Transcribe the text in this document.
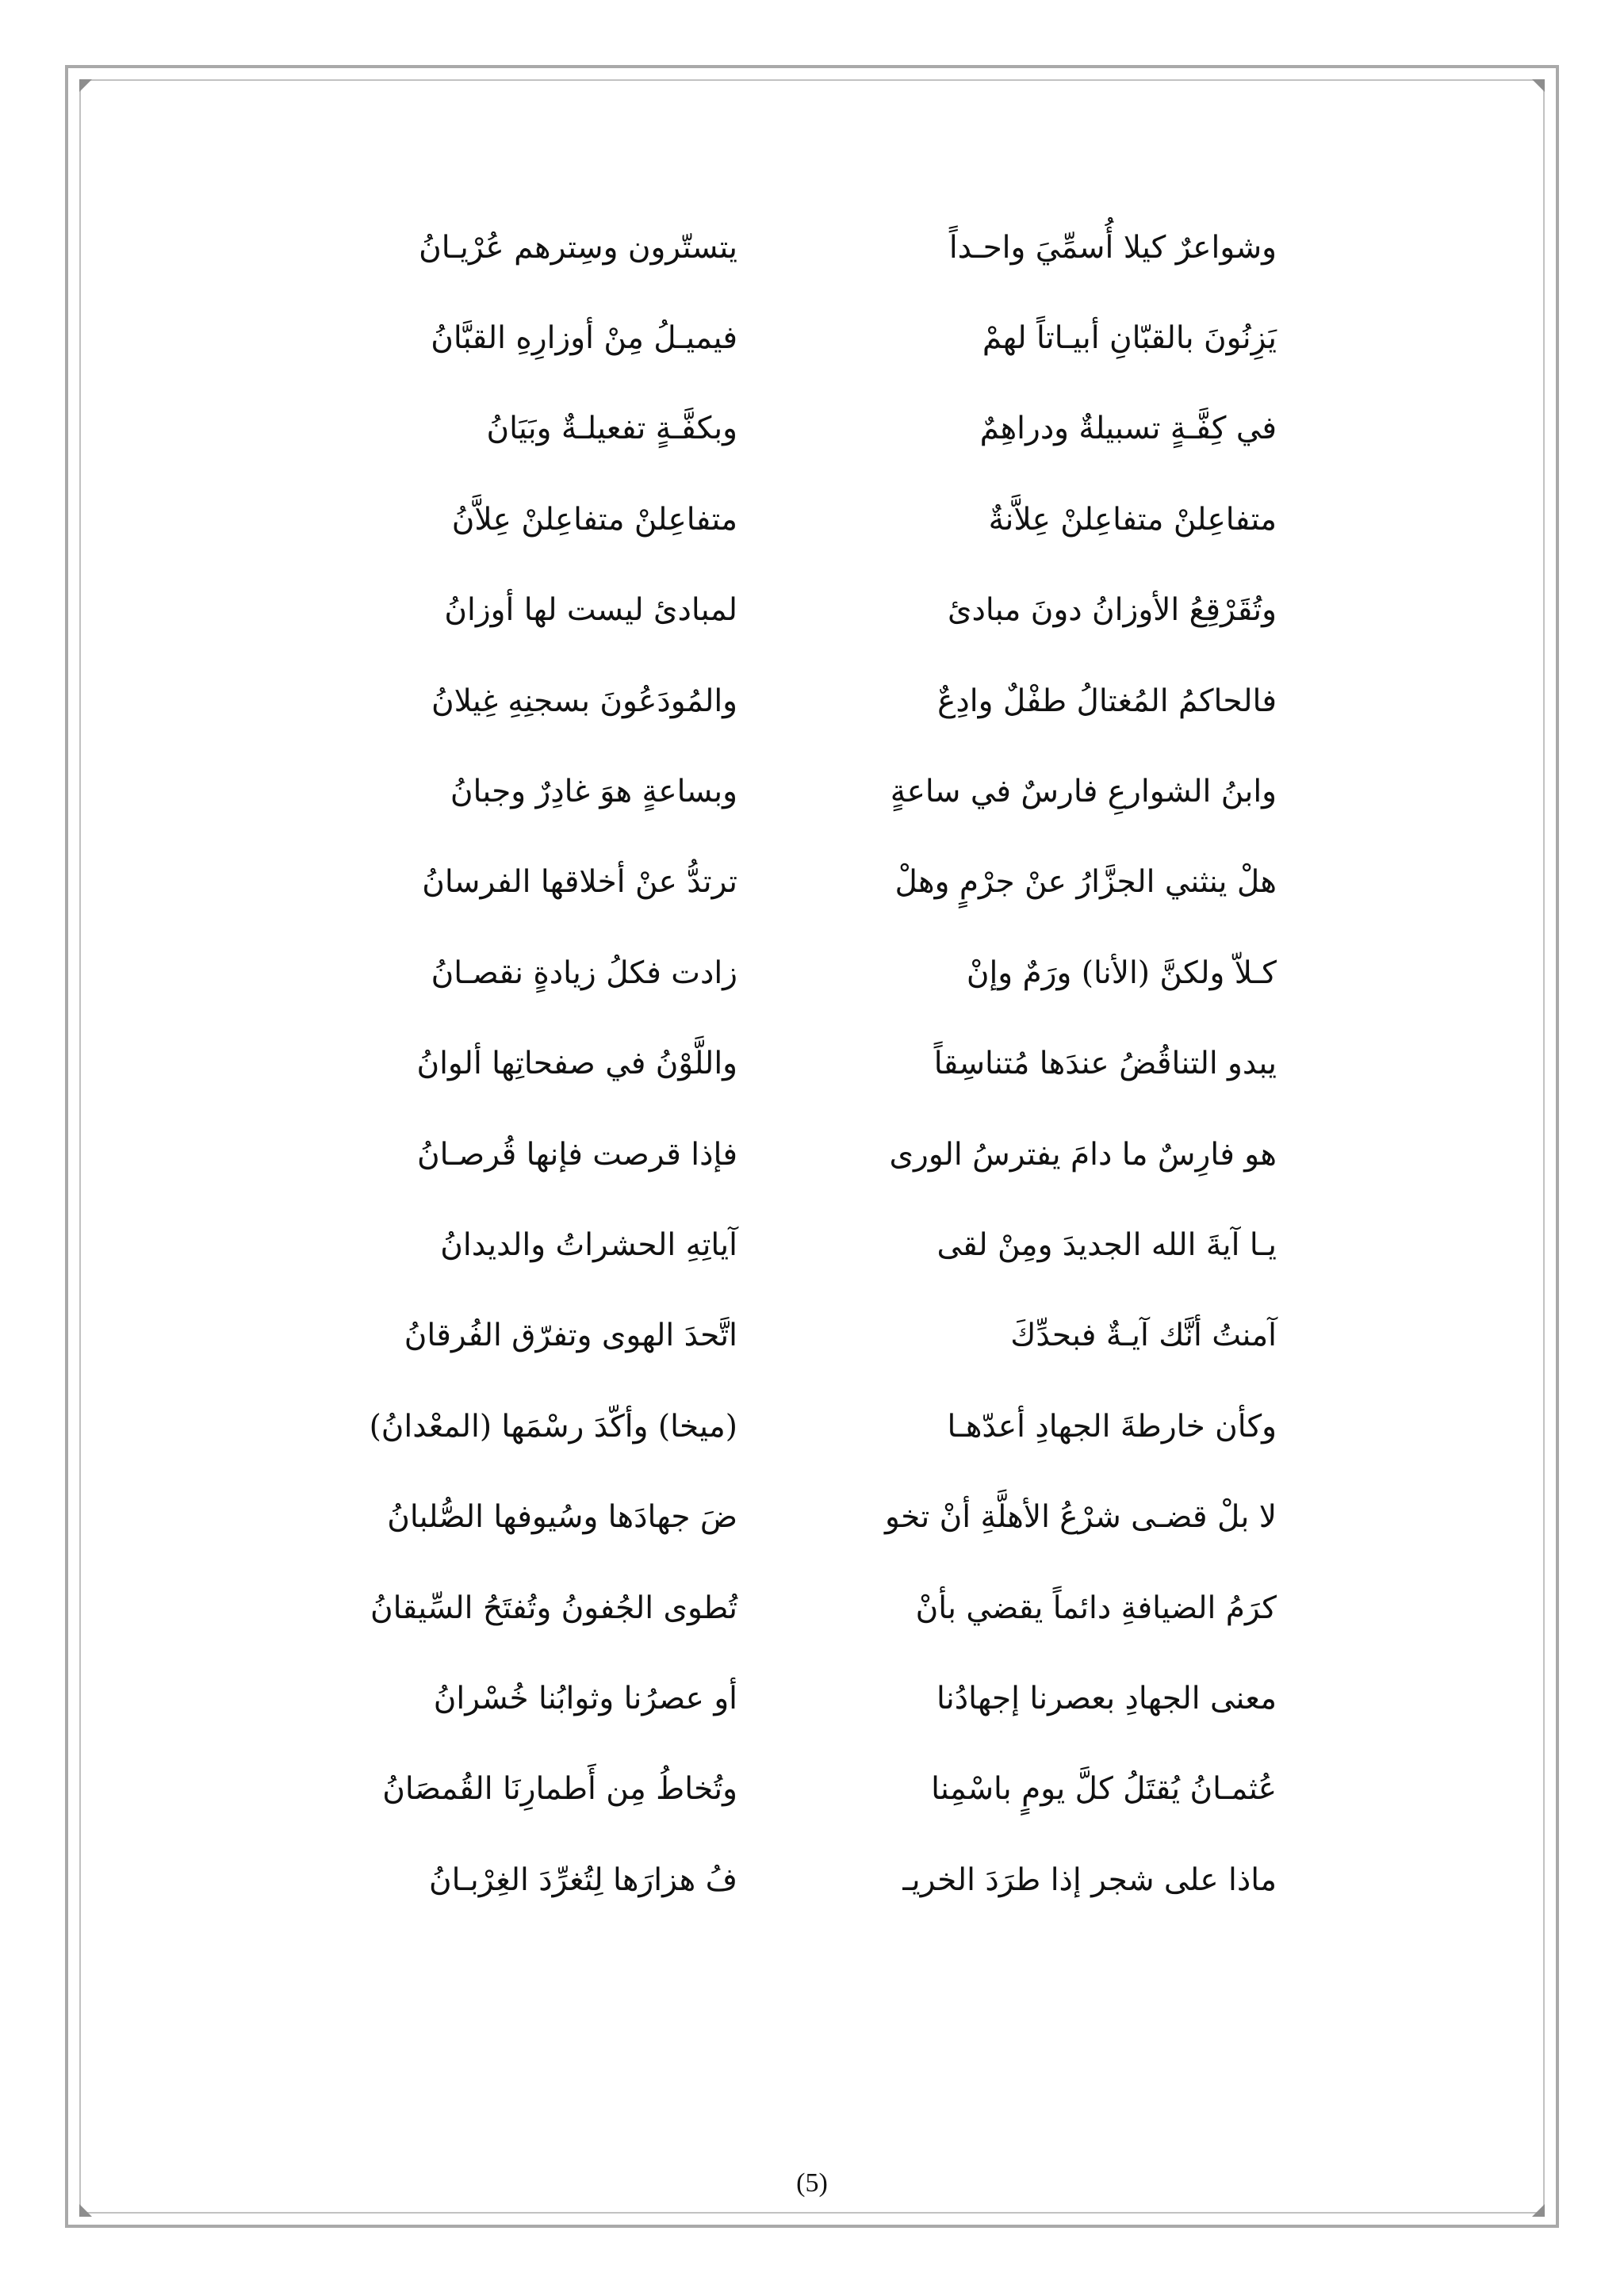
وشواعرٌ كيلا أُسمِّيَ واحـداً
يتستّرون وسِترهم عُرْيـانُ
يَزِنُونَ بالقبّانِ أبيـاتاً لهمْ
فيميـلُ مِنْ أوزارِهِ القبَّانُ
في كِفَّـةٍ تسبيلةٌ ودراهِمٌ
وبكفَّـةٍ تفعيلـةٌ وبَيَانُ
متفاعِلنْ متفاعِلنْ عِلاَّنةٌ
متفاعِلنْ متفاعِلنْ عِلاَّنُ
وتُقَرْقِعُ الأوزانُ دونَ مبادئ
لمبادئ ليست لها أوزانُ
فالحاكمُ المُغتالُ طفْلٌ وادِعٌ
والمُودَعُونَ بسجنِهِ غِيلانُ
وابنُ الشوارعِ فارسٌ في ساعةٍ
وبساعةٍ هوَ غادِرٌ وجبانُ
هلْ ينثني الجزَّارُ عنْ جرْمٍ وهلْ
ترتدُّ عنْ أخلاقها الفرسانُ
كـلاّ ولكنَّ (الأنا) ورَمٌ وإنْ
زادت فكلُ زيادةٍ نقصـانُ
يبدو التناقُضُ عندَها مُتناسِقاً
واللَّوْنُ في صفحاتِها ألوانُ
هو فارِسٌ ما دامَ يفترسُ الورى
فإذا قرصت فإنها قُرصـانُ
يـا آيةَ الله الجديدَ ومِنْ لقى
آياتِهِ الحشراتُ والديدانُ
آمنتُ أنَّك آيـةٌ فبحدِّكَ
اتَّحدَ الهوى وتفرّق الفُرقانُ
وكأن خارطةَ الجهادِ أعدّهـا
(ميخا) وأكّدَ رسْمَها (المعْدانُ)
لا بلْ قضـى شرْعُ الأهلَّةِ أنْ تخو
ضَ جهادَها وسُيوفها الصُّلبانُ
كرَمُ الضيافةِ دائماً يقضي بأنْ
تُطوى الجُفونُ وتُفتَحُ السِّيقانُ
معنى الجهادِ بعصرنا إجهادُنا
أو عصرُنا وثوابُنا خُسْرانُ
عُثمـانُ يُقتَلُ كلَّ يومٍ باسْمِنا
وتُخاطُ مِن أَطمارِنَا القُمصَانُ
ماذا على شجر إذا طرَدَ الخريـ
فُ هزارَها لِتُغرِّدَ الغِرْبـانُ
(5)
